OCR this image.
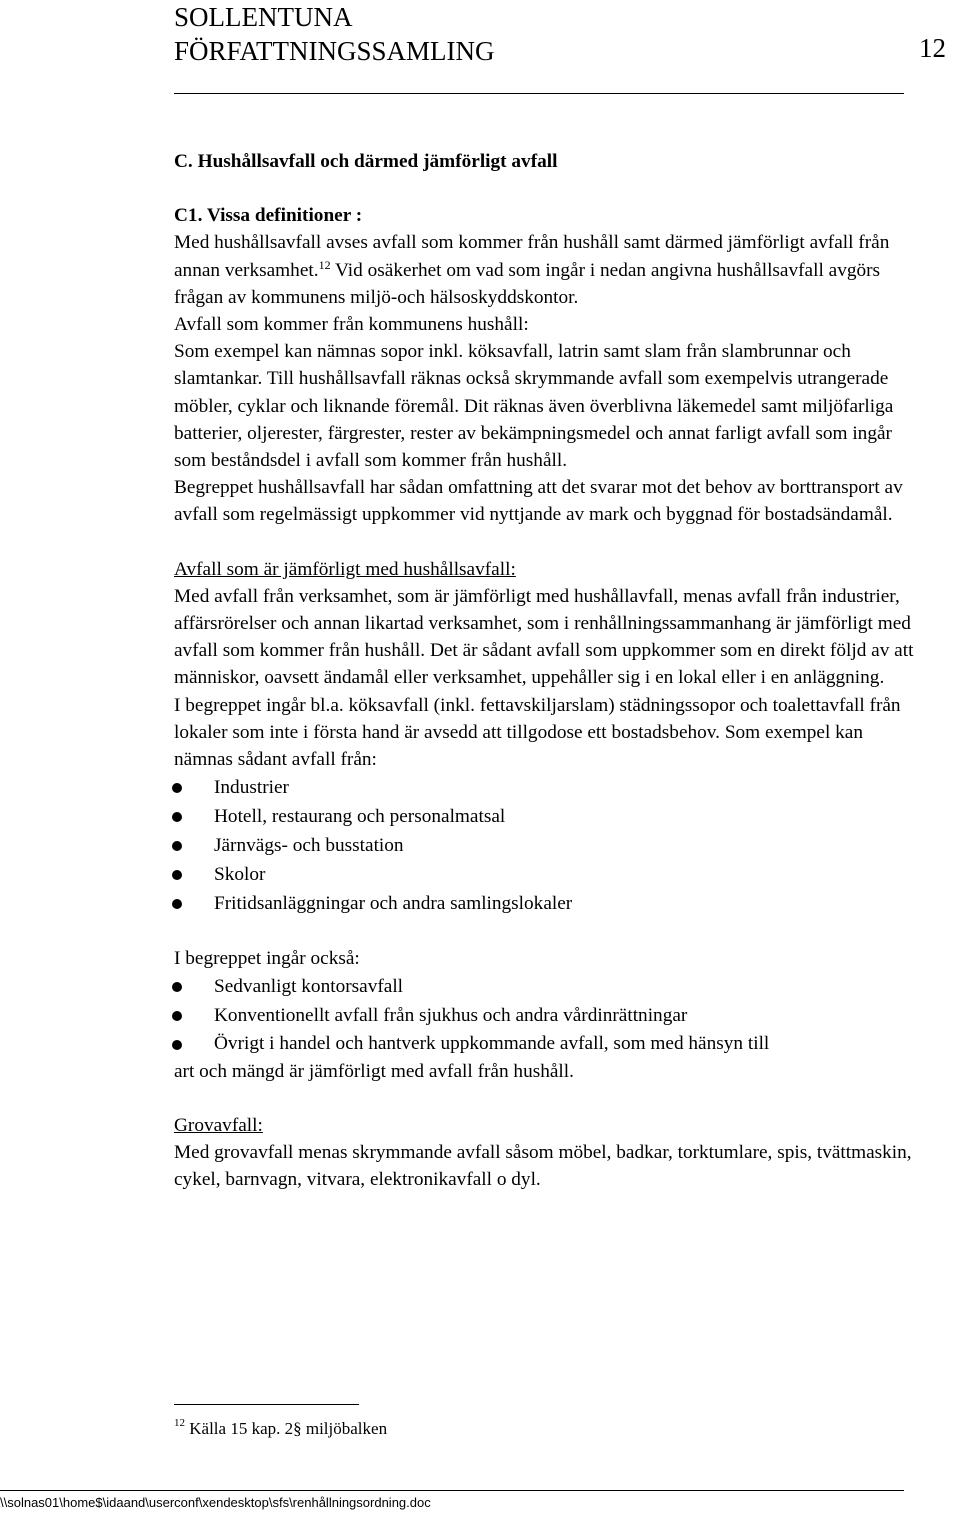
SOLLENTUNA
FÖRFATTNINGSSAMLING	12

C. Hushållsavfall och därmed jämförligt avfall

C1. Vissa definitioner :

Med hushållsavfall avses avfall som kommer från hushåll samt därmed jämförligt avfall från annan verksamhet.$^{12}$ Vid osäkerhet om vad som ingår i nedan angivna hushållsavfall avgörs frågan av kommunens miljö-och hälsoskyddskontor.

Avfall som kommer från kommunens hushåll:

Som exempel kan nämnas sopor inkl. köksavfall, latrin samt slam från slambrunnar och slamtankar. Till hushållsavfall räknas också skrymmande avfall som exempelvis utrangerade möbler, cyklar och liknande föremål. Dit räknas även överblivna läkemedel samt miljöfarliga batterier, oljerester, färgrester, rester av bekämpningsmedel och annat farligt avfall som ingår som beståndsdel i avfall som kommer från hushåll.

Begreppet hushållsavfall har sådan omfattning att det svarar mot det behov av borttransport av avfall som regelmässigt uppkommer vid nyttjande av mark och byggnad för bostadsändamål.

Avfall som är jämförligt med hushållsavfall:

Med avfall från verksamhet, som är jämförligt med hushållavfall, menas avfall från industrier, affärsrörelser och annan likartad verksamhet, som i renhållningssammanhang är jämförligt med avfall som kommer från hushåll. Det är sådant avfall som uppkommer som en direkt följd av att människor, oavsett ändamål eller verksamhet, uppehåller sig i en lokal eller i en anläggning.

I begreppet ingår bl.a. köksavfall (inkl. fettavskiljarslam) städningssopor och toalettavfall från lokaler som inte i första hand är avsedd att tillgodose ett bostadsbehov. Som exempel kan nämnas sådant avfall från:

Industrier
Hotell, restaurang och personalmatsal
Järnvägs- och busstation
Skolor
Fritidsanläggningar och andra samlingslokaler

I begreppet ingår också:

Sedvanligt kontorsavfall
Konventionellt avfall från sjukhus och andra vårdinrättningar
Övrigt i handel och hantverk uppkommande avfall, som med hänsyn till
art och mängd är jämförligt med avfall från hushåll.

Grovavfall:

Med grovavfall menas skrymmande avfall såsom möbel, badkar, torktumlare, spis, tvättmaskin, cykel, barnvagn, vitvara, elektronikavfall o dyl.

$^{12}$ Källa 15 kap. 2§ miljöbalken
\\solnas01\home$\idaand\userconf\xendesktop\sfs\renhållningsordning.doc
